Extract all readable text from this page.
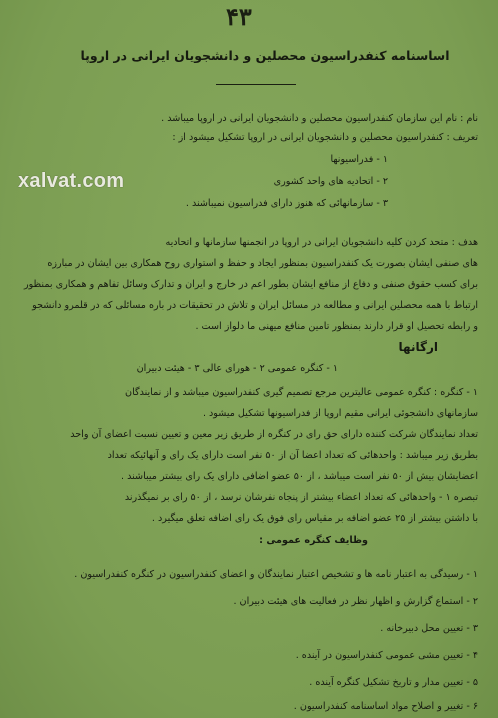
۴۳
اساسنامه کنفدراسیون محصلین و دانشجویان ایرانی در اروپا
xalvat.com
نام : نام این سازمان کنفدراسیون محصلین و دانشجویان ایرانی در اروپا میباشد .
تعریف : کنفدراسیون محصلین و دانشجویان ایرانی در اروپا تشکیل میشود از :
۱ - فدراسیونها
۲ - اتحادیه های واحد کشوری
۳ - سازمانهائی که هنوز دارای فدراسیون نمیباشند .
هدف : متحد کردن کلیه دانشجویان ایرانی در اروپا در انجمنها سازمانها و اتحادیه
های صنفی ایشان بصورت یک کنفدراسیون بمنظور ایجاد و حفظ و استواری روح همکاری بین ایشان در مبارزه
برای کسب حقوق صنفی و دفاع از منافع ایشان بطور اعم در خارج و ایران و تدارک وسائل تفاهم و همکاری بمنظور
ارتباط با همه محصلین ایرانی و مطالعه در مسائل ایران و تلاش در تحقیقات در باره مسائلی که در قلمرو دانشجو
و رابطه تحصیل او قرار دارند بمنظور تامین منافع میهنی ما دلواز است .
ارگانها
۱ - کنگره عمومی ۲ - هورای عالی ۳ - هیئت دبیران
۱ - کنگره : کنگره عمومی عالیترین مرجع تصمیم گیری کنفدراسیون میباشد و از نمایندگان
سازمانهای دانشجوئی ایرانی مقیم اروپا از فدراسیونها تشکیل میشود .
تعداد نمایندگان شرکت کننده دارای حق رای در کنگره از طریق زیر معین و تعیین نسبت اعضای آن واحد
بطریق زیر میباشد : واحدهائی که تعداد اعضا آن از ۵۰ نفر است دارای یک رای و آنهائیکه تعداد
اعضایشان بیش از ۵۰ نفر است میباشد ، از ۵۰ عضو اضافی دارای یک رای بیشتر میباشند .
تبصره ۱ - واحدهائی که تعداد اعضاء بیشتر از پنجاه نفرشان نرسد ، از ۵۰ رای بر نمیگذرند
با داشتن بیشتر از ۲۵ عضو اضافه بر مقیاس رای فوق یک رای اضافه تعلق میگیرد .
وظایف کنگره عمومی :
۱ - رسیدگی به اعتبار نامه ها و تشخیص اعتبار نمایندگان و اعضای کنفدراسیون در کنگره کنفدراسیون .
۲ - استماع گزارش و اظهار نظر در فعالیت های هیئت دبیران .
۳ - تعیین محل دبیرخانه .
۴ - تعیین مشی عمومی کنفدراسیون در آینده .
۵ - تعیین مدار و تاریخ تشکیل کنگره آینده .
۶ - تغییر و اصلاح مواد اساسنامه کنفدراسیون .
